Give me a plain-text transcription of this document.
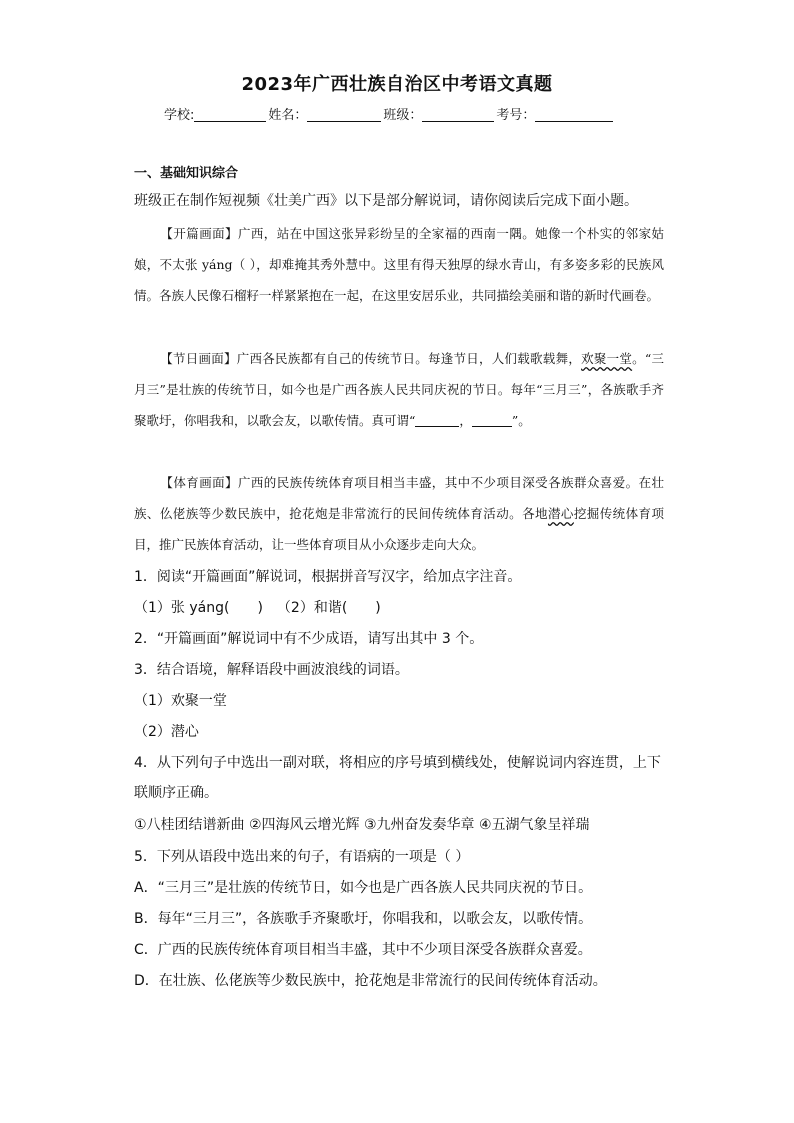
2023年广西壮族自治区中考语文真题
学校:	姓名：	班级：	考号：
一、基础知识综合
班级正在制作短视频《壮美广西》以下是部分解说词，请你阅读后完成下面小题。
【开篇画面】广西，站在中国这张异彩纷呈的全家福的西南一隅。她像一个朴实的邻家姑娘，不太张 yáng（ ），却难掩其秀外慧中。这里有得天独厚的绿水青山，有多姿多彩的民族风情。各族人民像石榴籽一样紧紧抱在一起，在这里安居乐业，共同描绘美丽和谐的新时代画卷。
【节日画面】广西各民族都有自己的传统节日。每逢节日，人们载歌载舞，欢聚一堂。“三月三”是壮族的传统节日，如今也是广西各族人民共同庆祝的节日。每年“三月三”，各族歌手齐聚歌圩，你唱我和，以歌会友，以歌传情。真可谓“	，	”。
【体育画面】广西的民族传统体育项目相当丰盛，其中不少项目深受各族群众喜爱。在壮族、仫佬族等少数民族中，抢花炮是非常流行的民间传统体育活动。各地潜心挖掘传统体育项目，推广民族体育活动，让一些体育项目从小众逐步走向大众。
1．阅读“开篇画面”解说词，根据拼音写汉字，给加点字注音。
（1）张 yáng(　　) （2）和谐(　　)
2．“开篇画面”解说词中有不少成语，请写出其中 3 个。
3．结合语境，解释语段中画波浪线的词语。
（1）欢聚一堂
（2）潜心
4．从下列句子中选出一副对联，将相应的序号填到横线处，使解说词内容连贯，上下联顺序正确。
①八桂团结谱新曲 ②四海风云增光辉 ③九州奋发奏华章 ④五湖气象呈祥瑞
5．下列从语段中选出来的句子，有语病的一项是（ ）
A．“三月三”是壮族的传统节日，如今也是广西各族人民共同庆祝的节日。
B．每年“三月三”，各族歌手齐聚歌圩，你唱我和，以歌会友，以歌传情。
C．广西的民族传统体育项目相当丰盛，其中不少项目深受各族群众喜爱。
D．在壮族、仫佬族等少数民族中，抢花炮是非常流行的民间传统体育活动。
